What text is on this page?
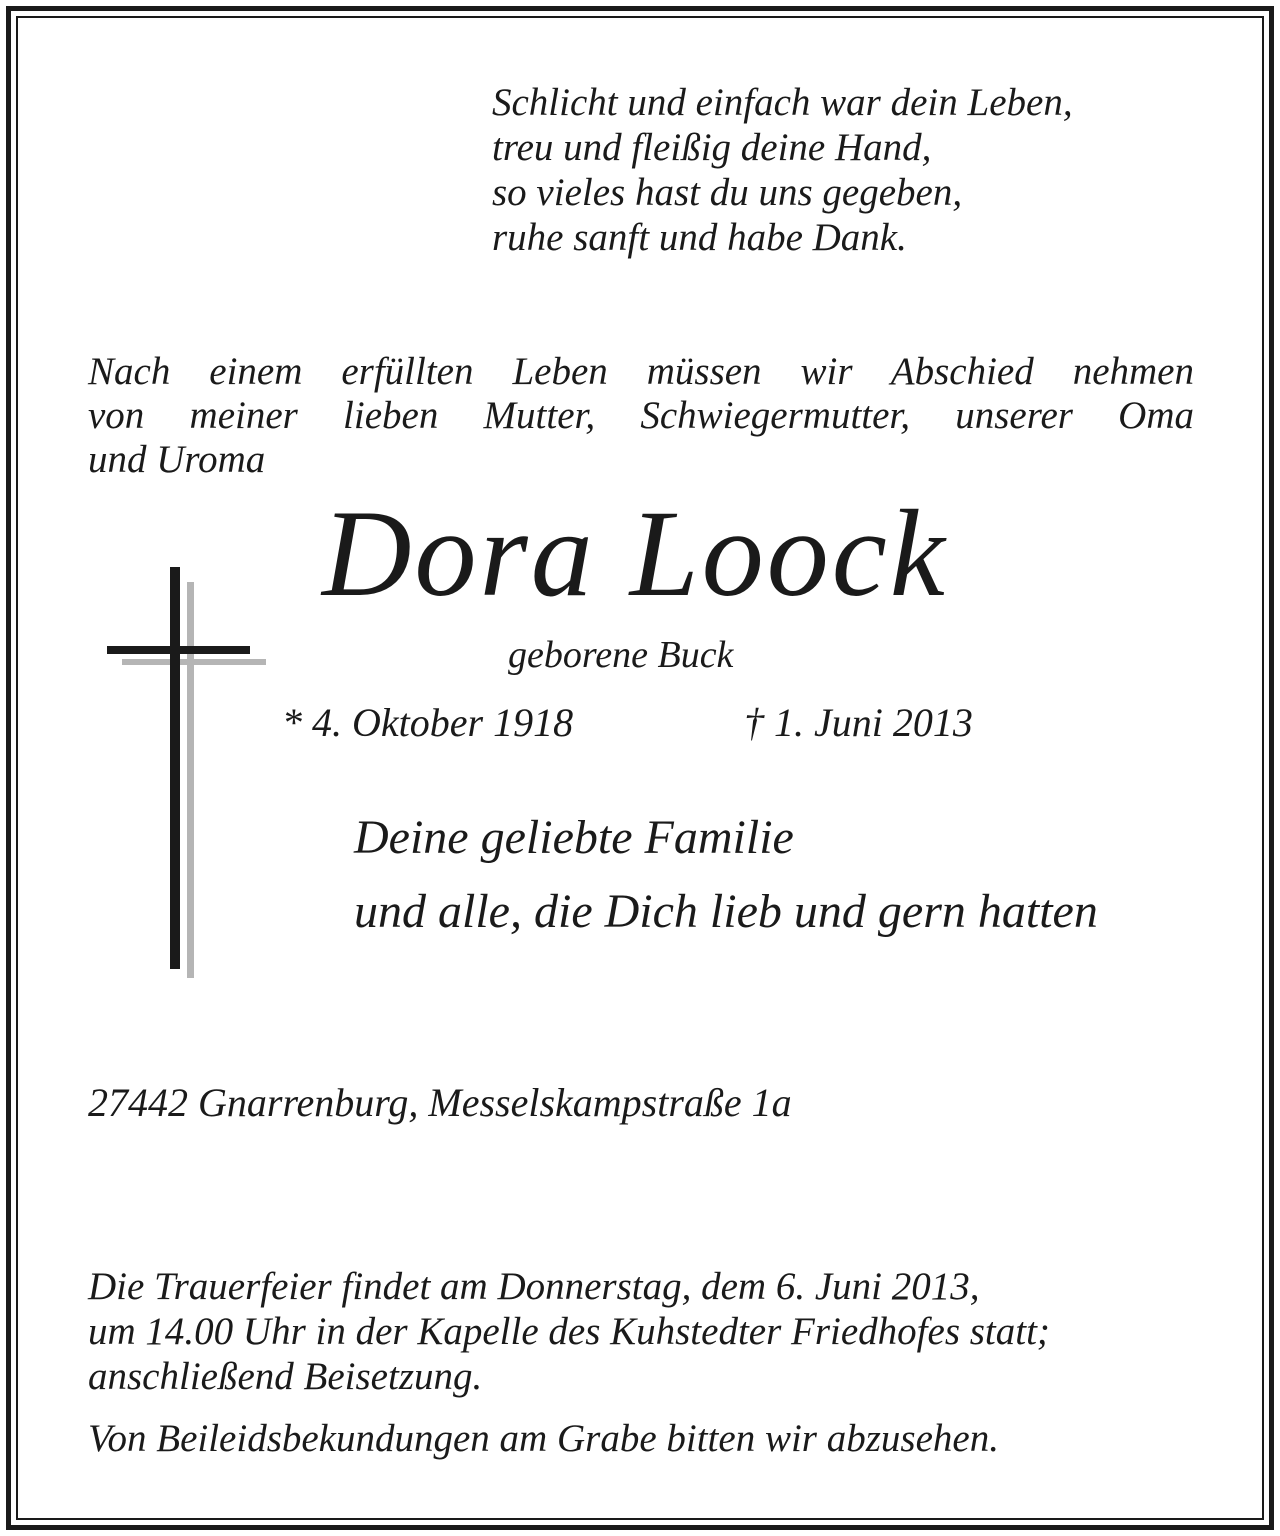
Schlicht und einfach war dein Leben,
treu und fleißig deine Hand,
so vieles hast du uns gegeben,
ruhe sanft und habe Dank.
Nach einem erfüllten Leben müssen wir Abschied nehmen
von meiner lieben Mutter, Schwiegermutter, unserer Oma
und Uroma
Dora Loock
geborene Buck
* 4. Oktober 1918	† 1. Juni 2013
Deine geliebte Familie
und alle, die Dich lieb und gern hatten
27442 Gnarrenburg, Messelskampstraße 1a
Die Trauerfeier findet am Donnerstag, dem 6. Juni 2013,
um 14.00 Uhr in der Kapelle des Kuhstedter Friedhofes statt;
anschließend Beisetzung.
Von Beileidsbekundungen am Grabe bitten wir abzusehen.
